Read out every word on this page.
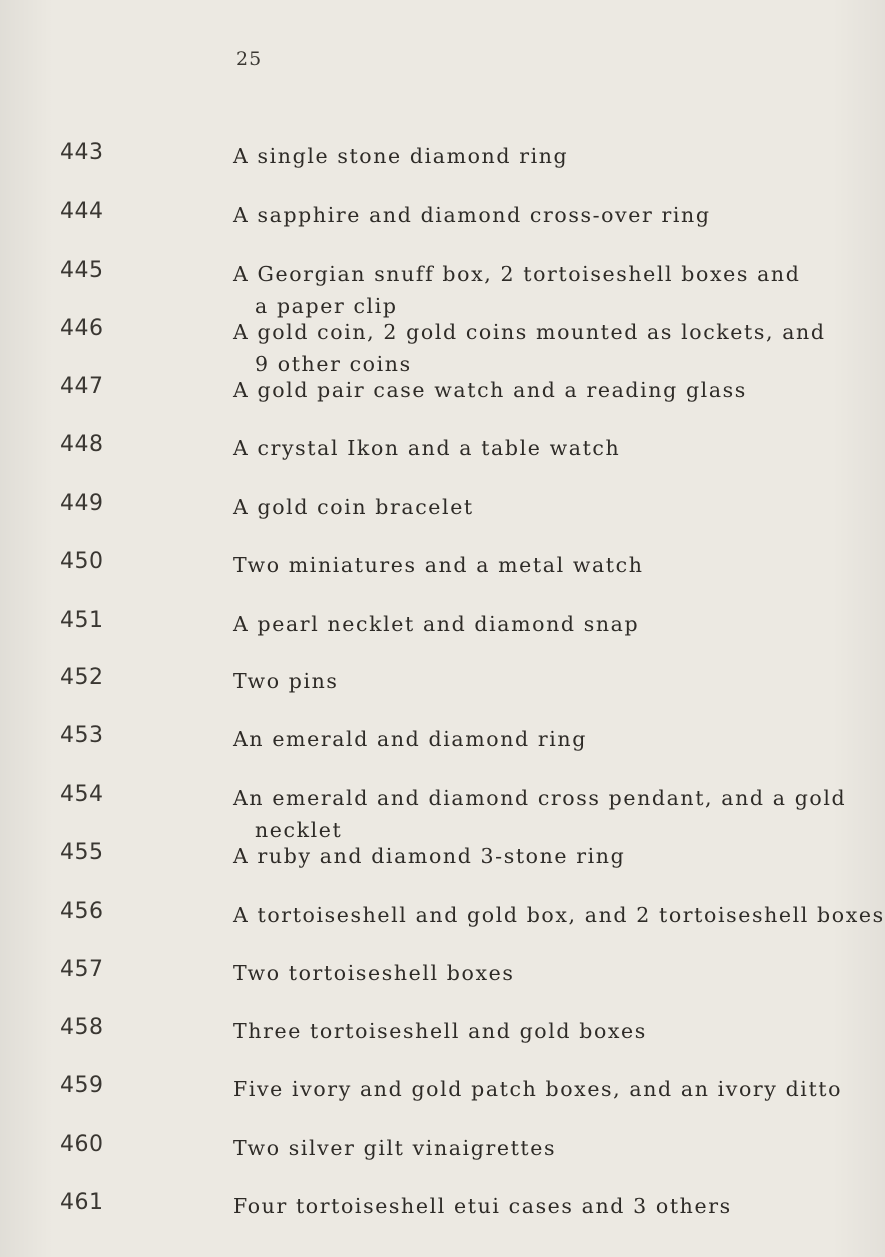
25
443	A single stone diamond ring
444	A sapphire and diamond cross-over ring
445	A Georgian snuff box, 2 tortoiseshell boxes and
a paper clip
446	A gold coin, 2 gold coins mounted as lockets, and
9 other coins
447	A gold pair case watch and a reading glass
448	A crystal Ikon and a table watch
449	A gold coin bracelet
450	Two miniatures and a metal watch
451	A pearl necklet and diamond snap
452	Two pins
453	An emerald and diamond ring
454	An emerald and diamond cross pendant, and a gold
necklet
455	A ruby and diamond 3-stone ring
456	A tortoiseshell and gold box, and 2 tortoiseshell boxes
457	Two tortoiseshell boxes
458	Three tortoiseshell and gold boxes
459	Five ivory and gold patch boxes, and an ivory ditto
460	Two silver gilt vinaigrettes
461	Four tortoiseshell etui cases and 3 others
